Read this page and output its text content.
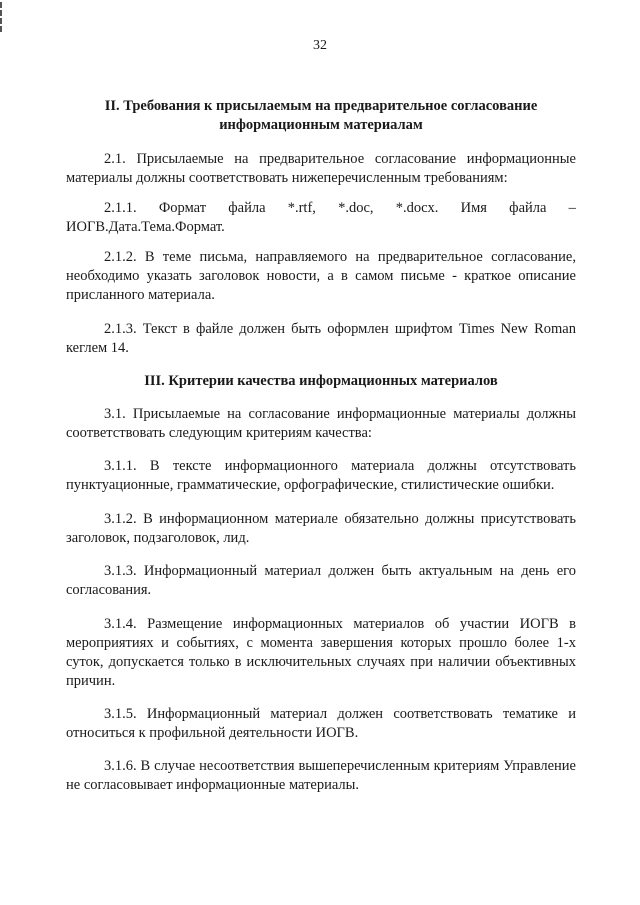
32
II. Требования к присылаемым на предварительное согласование
информационным материалам

2.1. Присылаемые на предварительное согласование информационные материалы должны соответствовать нижеперечисленным требованиям:

2.1.1. Формат файла *.rtf, *.doc, *.docx. Имя файла –
ИОГВ.Дата.Тема.Формат.

2.1.2. В теме письма, направляемого на предварительное согласование, необходимо указать заголовок новости, а в самом письме - краткое описание присланного материала.

2.1.3. Текст в файле должен быть оформлен шрифтом Times New Roman кеглем 14.

III. Критерии качества информационных материалов

3.1. Присылаемые на согласование информационные материалы должны соответствовать следующим критериям качества:

3.1.1. В тексте информационного материала должны отсутствовать пунктуационные, грамматические, орфографические, стилистические ошибки.

3.1.2. В информационном материале обязательно должны присутствовать заголовок, подзаголовок, лид.

3.1.3. Информационный материал должен быть актуальным на день его согласования.

3.1.4. Размещение информационных материалов об участии ИОГВ в мероприятиях и событиях, с момента завершения которых прошло более 1-х суток, допускается только в исключительных случаях при наличии объективных причин.

3.1.5. Информационный материал должен соответствовать тематике и относиться к профильной деятельности ИОГВ.

3.1.6. В случае несоответствия вышеперечисленным критериям Управление не согласовывает информационные материалы.
